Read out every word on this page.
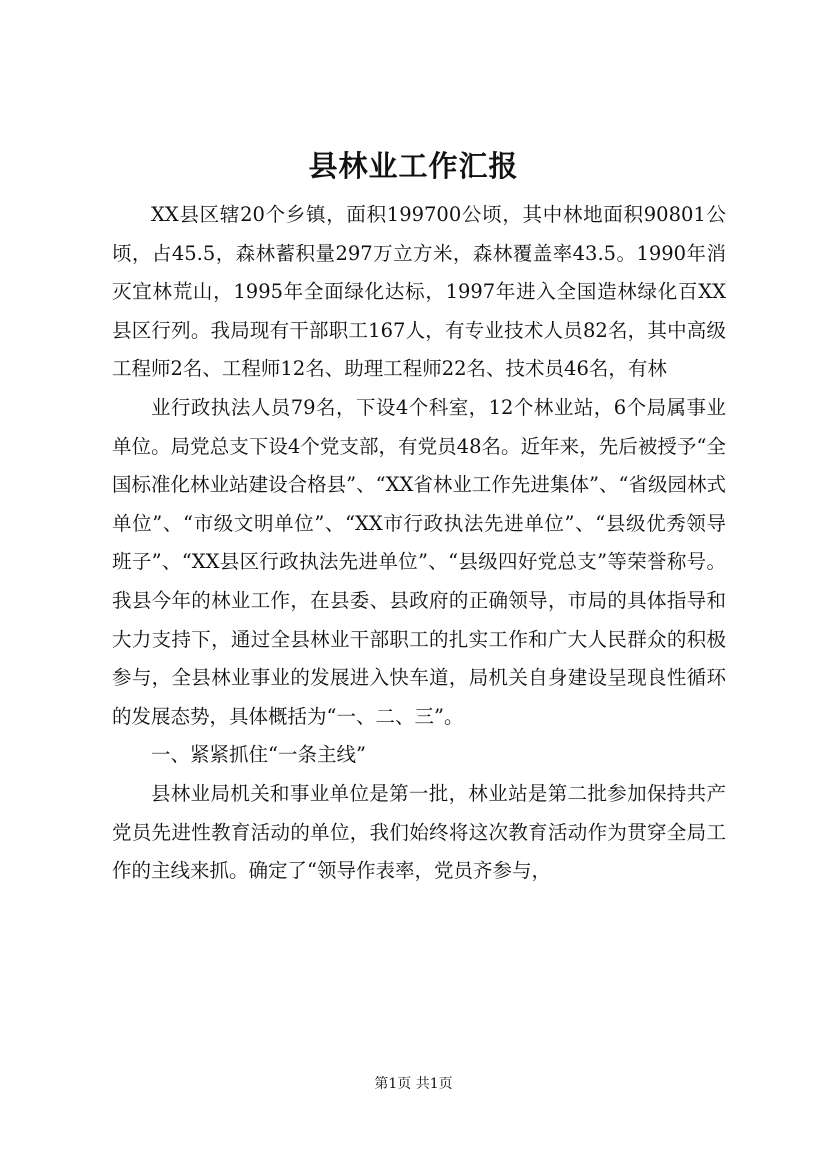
县林业工作汇报

XX县区辖20个乡镇，面积199700公顷，其中林地面积90801公顷，占45.5，森林蓄积量297万立方米，森林覆盖率43.5。1990年消灭宜林荒山，1995年全面绿化达标，1997年进入全国造林绿化百XX县区行列。我局现有干部职工167人，有专业技术人员82名，其中高级工程师2名、工程师12名、助理工程师22名、技术员46名，有林

业行政执法人员79名，下设4个科室，12个林业站，6个局属事业单位。局党总支下设4个党支部，有党员48名。近年来，先后被授予“全国标准化林业站建设合格县”、“XX省林业工作先进集体”、“省级园林式单位”、“市级文明单位”、“XX市行政执法先进单位”、“县级优秀领导班子”、“XX县区行政执法先进单位”、“县级四好党总支”等荣誉称号。我县今年的林业工作，在县委、县政府的正确领导，市局的具体指导和大力支持下，通过全县林业干部职工的扎实工作和广大人民群众的积极参与，全县林业事业的发展进入快车道，局机关自身建设呈现良性循环的发展态势，具体概括为“一、二、三”。

一、紧紧抓住“一条主线”

县林业局机关和事业单位是第一批，林业站是第二批参加保持共产党员先进性教育活动的单位，我们始终将这次教育活动作为贯穿全局工作的主线来抓。确定了“领导作表率，党员齐参与，

第1页 共1页
